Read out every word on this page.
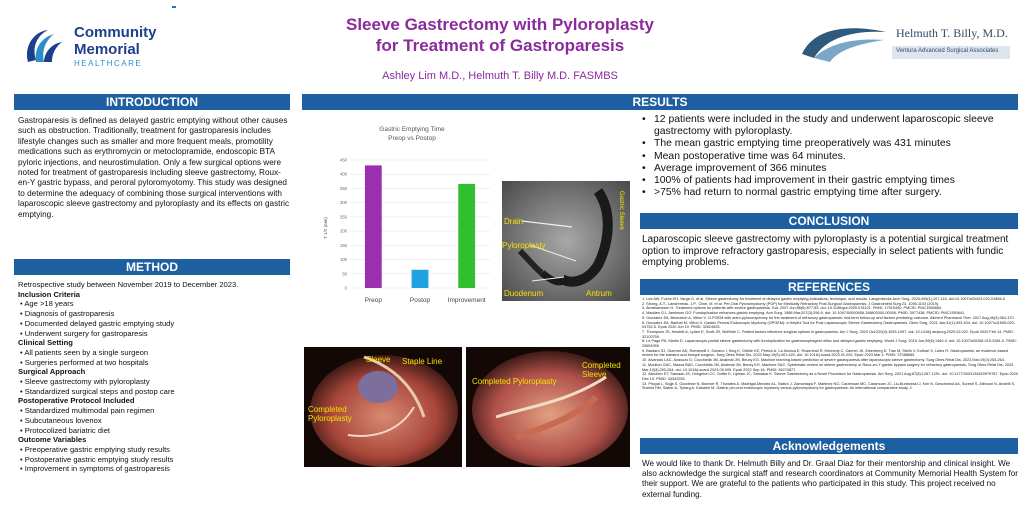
Community
Memorial
HEALTHCARE
Sleeve Gastrectomy with Pyloroplasty
for Treatment of Gastroparesis
Ashley Lim M.D., Helmuth T. Billy M.D. FASMBS
Helmuth T. Billy, M.D.
Ventura Advanced Surgical Associates
INTRODUCTION
Gastroparesis is defined as delayed gastric emptying without other causes such as obstruction. Traditionally, treatment for gastroparesis includes lifestyle changes such as smaller and more frequent meals, promotility medications such as erythromycin or metoclopramide, endoscopic BTA pyloric injections, and neurostimulation. Only a few surgical options were noted for treatment of gastroparesis including sleeve gastrectomy, Roux-en-Y gastric bypass, and peroral pyloromyotomy. This study was designed to determine the adequacy of combining those surgical interventions with laparoscopic sleeve gastrectomy and pyloroplasty and its effects on gastric emptying.
METHOD
Retrospective study between November 2019 to December 2023.
Inclusion Criteria
• Age >18 years
• Diagnosis of gastroparesis
• Documented delayed gastric emptying study
• Underwent surgery for gastroparesis
Clinical Setting
• All patients seen by a single surgeon
• Surgeries performed at two hospitals
Surgical Approach
• Sleeve gastrectomy with pyloroplasty
• Standardized surgical steps and postop care
Postoperative Protocol Included
• Standardized multimodal pain regimen
• Subcutaneous lovenox
• Protocolized bariatric diet
Outcome Variables
• Preoperative gastric emptying study results
• Postoperative gastric emptying study results
• Improvement in symptoms of gastroparesis
RESULTS
Gastric Emptying Time
Preop vs Postop
T 1/2 (min)
0
50
100
150
200
250
300
350
400
450
Preop	Postop	Improvement
Drain
Pyloroplasty
Duodenum	Antrum
Gastric Sleeve
Sleeve Staple Line
Completed Pyloroplasty
Completed Pyloroplasty
Completed Sleeve
• 12 patients were included in the study and underwent laparoscopic sleeve gastrectomy with pyloroplasty.
• The mean gastric emptying time preoperatively was 431 minutes
• Mean postoperative time was 64 minutes.
• Average improvement of 366 minutes
• 100% of patients had improvement in their gastric emptying times
• >75% had return to normal gastric emptying time after surgery.
CONCLUSION
Laparoscopic sleeve gastrectomy with pyloroplasty is a potential surgical treatment option to improve refractory gastroparesis, especially in select patients with fundic emptying problems.
REFERENCES
1. Lee AW, Fuchs KH, Varga G, et al. Sleeve gastrectomy for treatment of delayed gastric emptying-indications, technique, and results. Langenbecks Arch Surg. 2020;405(1):107-116. doi:10.1007/s00423-020-01856-5
2. Strong, A.T., Landreneau, J.P., Cline, M. et al. Per-Oral Pyloromyotomy (POP) for Medically Refractory Post-Surgical Gastroparesis. J Gastrointest Surg 23, 1095-1103 (2019).
3. Abrahamsson H. Treatment options for patients with severe gastroparesis. Gut. 2007 Jun;56(6):877-83. doi: 10.1136/gut.2005.078121. PMID: 17519490; PMCID: PMC1954884.
4. Madden GJ, Jamieson GG. Fundoplication enhances gastric emptying. Ann Surg. 1988 Mar;207(3):296-9. doi: 10.1097/00000658-198803000-00006. PMID: 3977438; PMCID: PMC1350641.
5. Gonzalez JM, Benezech A, Vitton V. G-POEM with antro-pyloromyotomy for the treatment of refractory gastroparesis: mid-term follow-up and factors predicting outcome. Aliment Pharmacol Ther. 2017 Aug;46(4):364-370.
6. Gonzalez JM, Barthet M, Vitton V. Gastric Peroral Endoscopic Myotomy (GPOEM): a Helpful Tool for Post Laparoscopic Sleeve Gastrectomy Gastroparesis. Obes Surg. 2021 Jan;31(1):403-404. doi: 10.1007/s11695-020-04752-5. Epub 2020 Jun 10. PMID: 32524525.
7. Thompson JS, Hewlett A, Lyden E, Scott JR, McBride C. Patient factors influence surgical options in gastroparesis. Am J Surg. 2020 Oct;220(4):1093-1097. doi: 10.1016/j.amjsurg.2020.02.022. Epub 2020 Feb 14. PMID: 32100759.
8. Le Page PA, Martin D. Laparoscopic partial sleeve gastrectomy with fundoplication for gastroesophageal reflux and delayed gastric emptying. World J Surg. 2015 Jun;39(6):1460-4. doi: 10.1007/s00268-015-2981-0. PMID: 25651959.
9. Bardaro SJ, Guerron AD, Romanelli J, Soriano I, King K, Gibble KE, Petrick A, La Monica E, Rosenthal R, Kennedy C, Canner JK, Eisenberg D, Tran M, Stelin V, Kothari S, Lutes R. Gastroparesis: an evidence-based review for the bariatric and foregut surgeon. Surg Obes Relat Dis. 2023 May;19(5):401-420. doi: 10.1016/j.soard.2023.01.002. Epub 2023 Mar 4. PMID: 37088685.
10. Alvarado LAC, Azaouzo D, Cucchiella JM, Anaimat JM, Beuxy EG. Machine learning-based prediction of severe gastroparesis after laparoscopic sleeve gastrectomy. Surg Obes Relat Dis. 2023 Mar;19(3):253-264.
11. Moulton GAC, Mazza BAD, Cucchiella JM, Anaimat JM, Beuxy EG. Machine SAC. Systematic review on sleeve gastrectomy or Roux-en-Y gastric bypass surgery for refractory gastroparesis. Surg Obes Relat Dis. 2023 Mar;19(3):253-264. doi: 10.1016/j.soard.2023.09.009. Epub 2022 Sep 16. PMID: 36274877.
12. Alicuben ET, Samaan JS, Houghton CC, Soffer E, Lipham JC, Samakar K. Sleeve Gastrectomy as a Novel Procedure for Gastroparesis. Am Surg. 2021 Aug;87(8):1287-1291. doi: 10.1177/0003134820979787. Epub 2020 Dec 19. PMID: 33342255.
13. Phuyal L, Bojja S, Goodhew N, Bonnier R, Thwaites A, Madrigal-Mendez AL, Nativo J, Zamantaya F, Martinez NG, Caramoan MC, Caramoan JC, Liu-Burdowski J, Kim N, Geschwind AA, Suresh S, Alkhouri N, Anabtil S, Shahid HM, Salker A, Tybarg A, Kahaleh M. Gastric per-oral endoscopic myotomy versus pyloromyotomy for gastroparesis: An international comparative study. 2
Acknowledgements
We would like to thank Dr. Helmuth Billy and Dr. Graal Diaz for their mentorship and clinical insight. We also acknowledge the surgical staff and research coordinators at Community Memorial Health System for their support. We are grateful to the patients who participated in this study. This project received no external funding.
